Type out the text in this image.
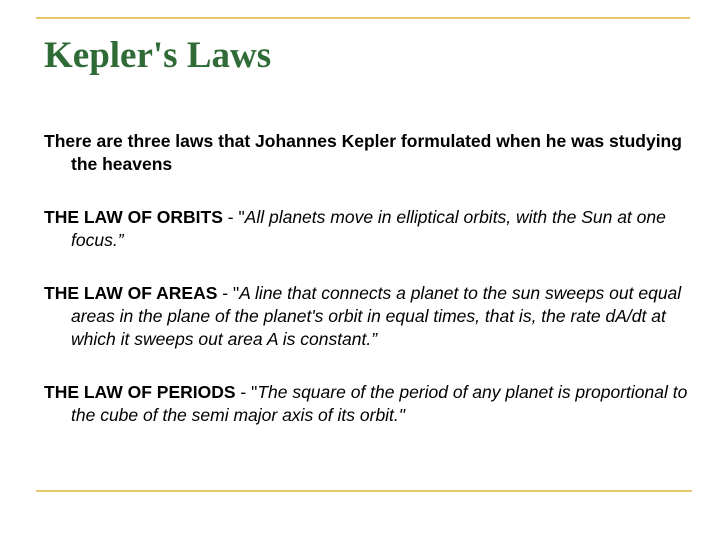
Kepler's Laws

There are three laws that Johannes Kepler formulated when he was studying the heavens

THE LAW OF ORBITS - "All planets move in elliptical orbits, with the Sun at one focus.”

THE LAW OF AREAS - "A line that connects a planet to the sun sweeps out equal areas in the plane of the planet's orbit in equal times, that is, the rate dA/dt at which it sweeps out area A is constant.”

THE LAW OF PERIODS - "The square of the period of any planet is proportional to the cube of the semi major axis of its orbit."
